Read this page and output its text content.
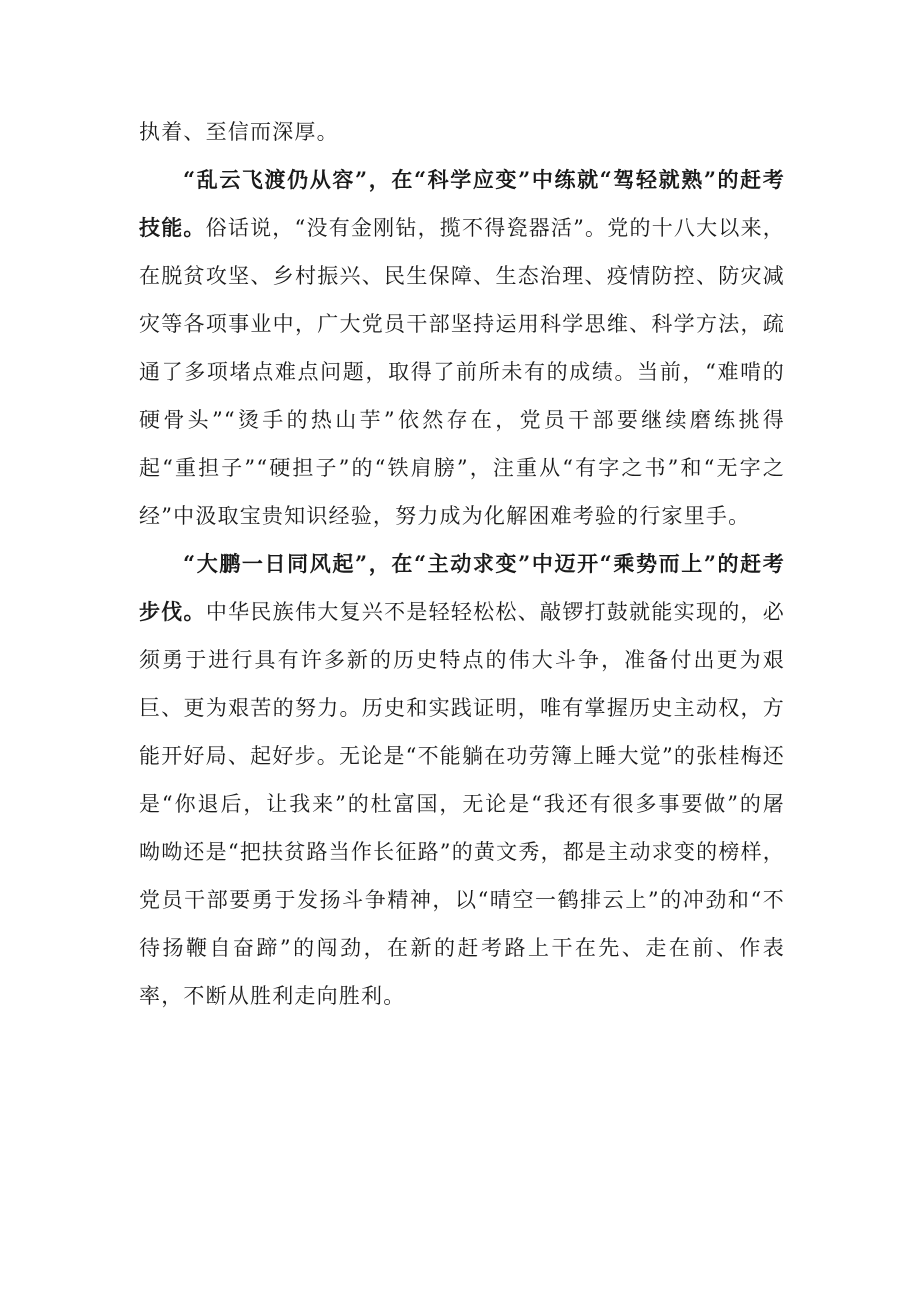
执着、至信而深厚。

“乱云飞渡仍从容”，在“科学应变”中练就“驾轻就熟”的赶考技能。俗话说，“没有金刚钻，揽不得瓷器活”。党的十八大以来，在脱贫攻坚、乡村振兴、民生保障、生态治理、疫情防控、防灾减灾等各项事业中，广大党员干部坚持运用科学思维、科学方法，疏通了多项堵点难点问题，取得了前所未有的成绩。当前，“难啃的硬骨头”“烫手的热山芋”依然存在，党员干部要继续磨练挑得起“重担子”“硬担子”的“铁肩膀”，注重从“有字之书”和“无字之经”中汲取宝贵知识经验，努力成为化解困难考验的行家里手。

“大鹏一日同风起”，在“主动求变”中迈开“乘势而上”的赶考步伐。中华民族伟大复兴不是轻轻松松、敲锣打鼓就能实现的，必须勇于进行具有许多新的历史特点的伟大斗争，准备付出更为艰巨、更为艰苦的努力。历史和实践证明，唯有掌握历史主动权，方能开好局、起好步。无论是“不能躺在功劳簿上睡大觉”的张桂梅还是“你退后，让我来”的杜富国，无论是“我还有很多事要做”的屠呦呦还是“把扶贫路当作长征路”的黄文秀，都是主动求变的榜样，党员干部要勇于发扬斗争精神，以“晴空一鹤排云上”的冲劲和“不待扬鞭自奋蹄”的闯劲，在新的赶考路上干在先、走在前、作表率，不断从胜利走向胜利。
